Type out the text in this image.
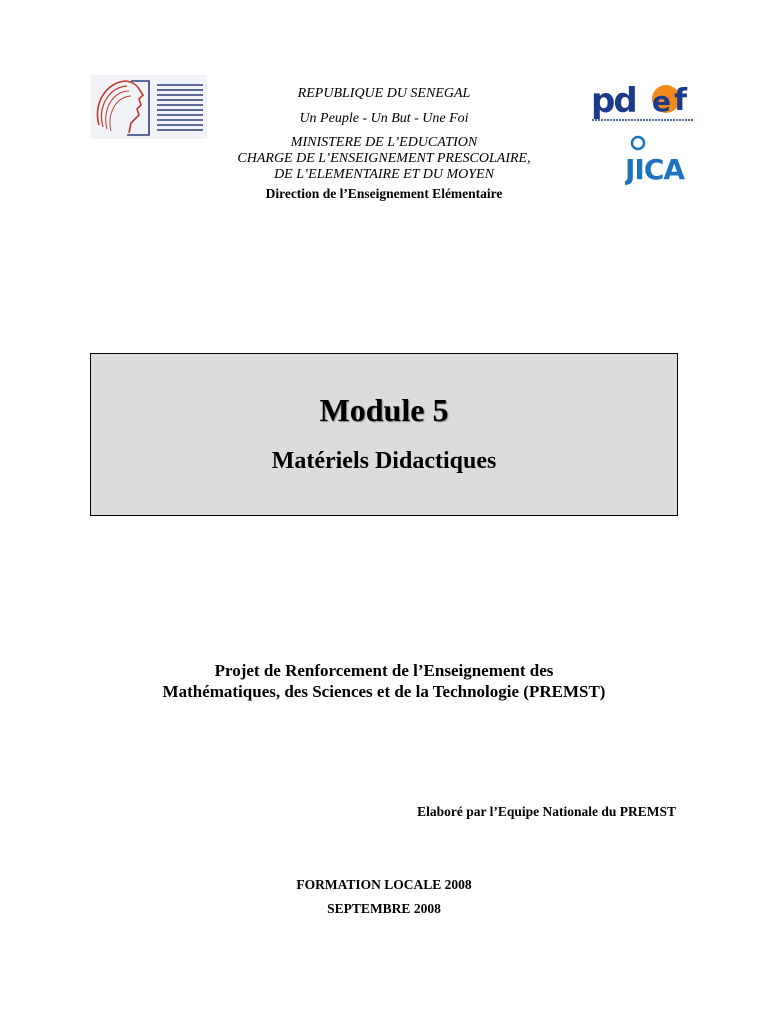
pd e f
JICA
REPUBLIQUE DU SENEGAL
Un Peuple - Un But - Une Foi
MINISTERE DE L’EDUCATION
CHARGE DE L’ENSEIGNEMENT PRESCOLAIRE,
DE L’ELEMENTAIRE ET DU MOYEN
Direction de l’Enseignement Elémentaire
Module 5
Matériels Didactiques
Projet de Renforcement de l’Enseignement des
Mathématiques, des Sciences et de la Technologie (PREMST)
Elaboré par l’Equipe Nationale du PREMST
FORMATION LOCALE 2008
SEPTEMBRE 2008
